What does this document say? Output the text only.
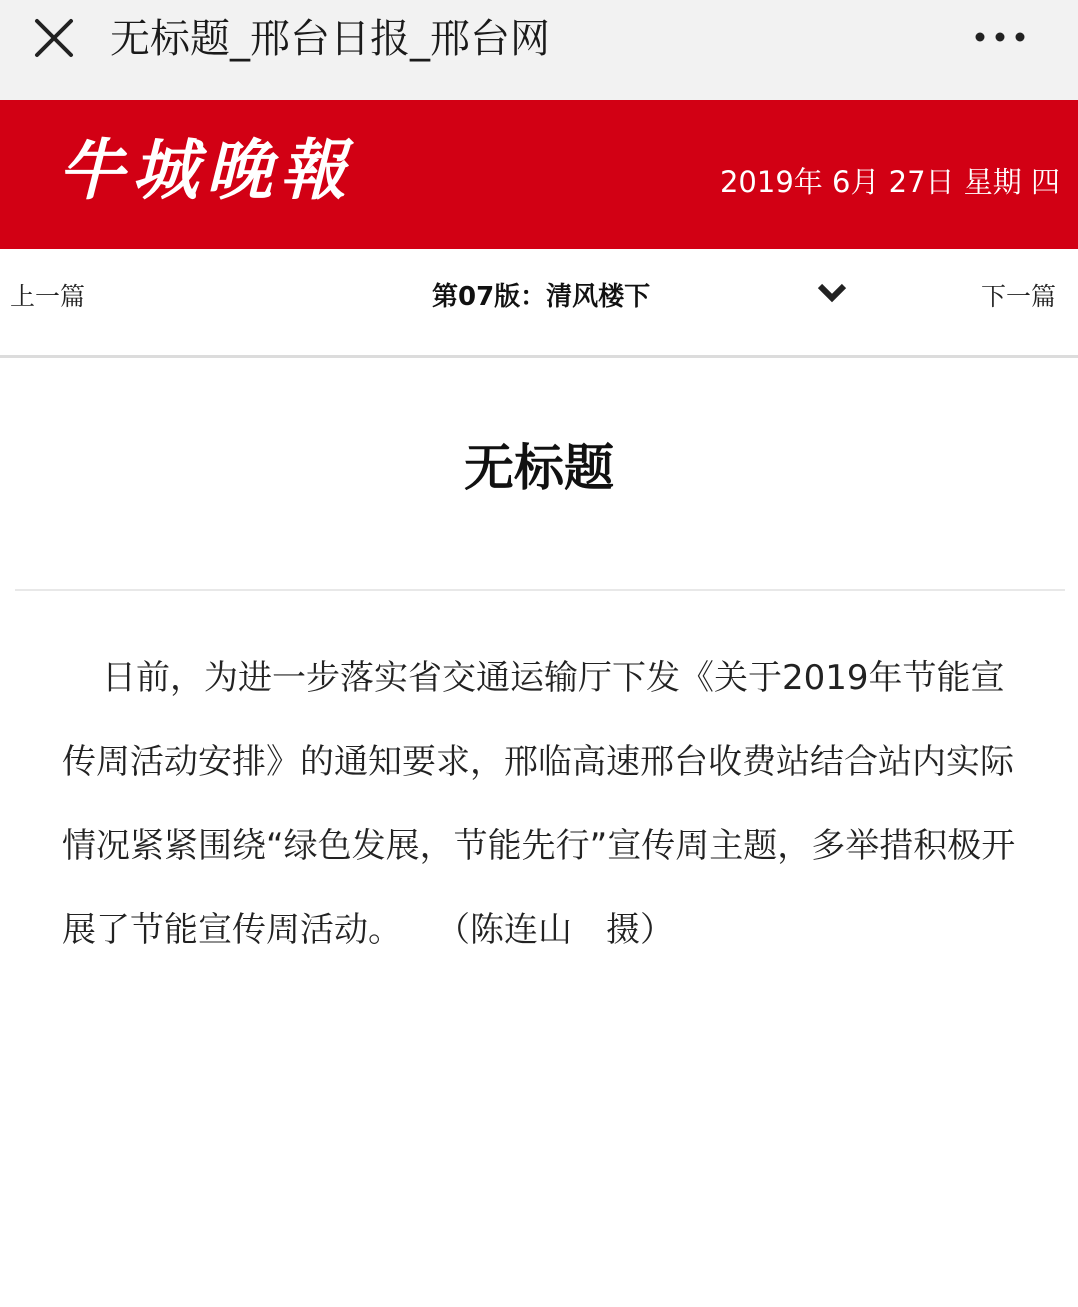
无标题_邢台日报_邢台网
牛城晚報	2019年 6月 27日 星期 四
上一篇	第07版：清风楼下	下一篇
无标题
日前，为进一步落实省交通运输厅下发《关于2019年节能宣传周活动安排》的通知要求，邢临高速邢台收费站结合站内实际情况紧紧围绕“绿色发展，节能先行”宣传周主题，多举措积极开展了节能宣传周活动。　　（陈连山　摄）
